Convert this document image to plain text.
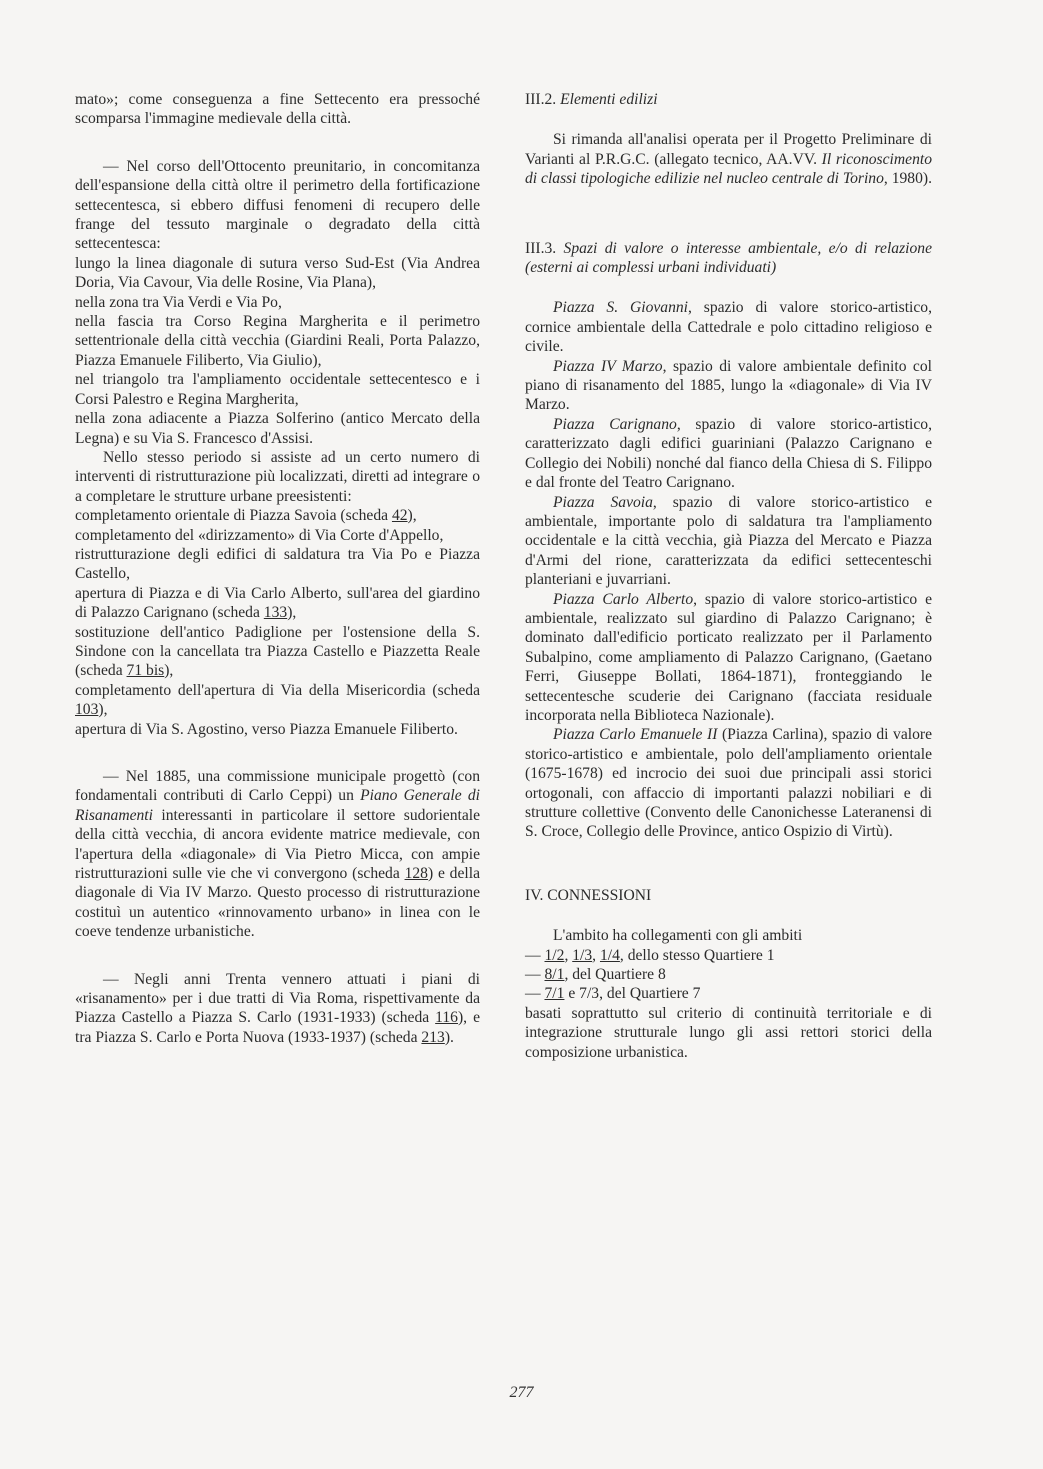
mato»; come conseguenza a fine Settecento era pressoché scomparsa l'immagine medievale della città.

— Nel corso dell'Ottocento preunitario, in concomitanza dell'espansione della città oltre il perimetro della fortificazione settecentesca, si ebbero diffusi fenomeni di recupero delle frange del tessuto marginale o degradato della città settecentesca:

lungo la linea diagonale di sutura verso Sud-Est (Via Andrea Doria, Via Cavour, Via delle Rosine, Via Plana),

nella zona tra Via Verdi e Via Po,

nella fascia tra Corso Regina Margherita e il perimetro settentrionale della città vecchia (Giardini Reali, Porta Palazzo, Piazza Emanuele Filiberto, Via Giulio),

nel triangolo tra l'ampliamento occidentale settecentesco e i Corsi Palestro e Regina Margherita,

nella zona adiacente a Piazza Solferino (antico Mercato della Legna) e su Via S. Francesco d'Assisi.

Nello stesso periodo si assiste ad un certo numero di interventi di ristrutturazione più localizzati, diretti ad integrare o a completare le strutture urbane preesistenti:

completamento orientale di Piazza Savoia (scheda 42),

completamento del «dirizzamento» di Via Corte d'Appello,

ristrutturazione degli edifici di saldatura tra Via Po e Piazza Castello,

apertura di Piazza e di Via Carlo Alberto, sull'area del giardino di Palazzo Carignano (scheda 133),

sostituzione dell'antico Padiglione per l'ostensione della S. Sindone con la cancellata tra Piazza Castello e Piazzetta Reale (scheda 71 bis),

completamento dell'apertura di Via della Misericordia (scheda 103),

apertura di Via S. Agostino, verso Piazza Emanuele Filiberto.

— Nel 1885, una commissione municipale progettò (con fondamentali contributi di Carlo Ceppi) un Piano Generale di Risanamenti interessanti in particolare il settore sudorientale della città vecchia, di ancora evidente matrice medievale, con l'apertura della «diagonale» di Via Pietro Micca, con ampie ristrutturazioni sulle vie che vi convergono (scheda 128) e della diagonale di Via IV Marzo. Questo processo di ristrutturazione costituì un autentico «rinnovamento urbano» in linea con le coeve tendenze urbanistiche.

— Negli anni Trenta vennero attuati i piani di «risanamento» per i due tratti di Via Roma, rispettivamente da Piazza Castello a Piazza S. Carlo (1931-1933) (scheda 116), e tra Piazza S. Carlo e Porta Nuova (1933-1937) (scheda 213).

III.2. Elementi edilizi

Si rimanda all'analisi operata per il Progetto Preliminare di Varianti al P.R.G.C. (allegato tecnico, AA.VV. Il riconoscimento di classi tipologiche edilizie nel nucleo centrale di Torino, 1980).

III.3. Spazi di valore o interesse ambientale, e/o di relazione (esterni ai complessi urbani individuati)

Piazza S. Giovanni, spazio di valore storico-artistico, cornice ambientale della Cattedrale e polo cittadino religioso e civile.

Piazza IV Marzo, spazio di valore ambientale definito col piano di risanamento del 1885, lungo la «diagonale» di Via IV Marzo.

Piazza Carignano, spazio di valore storico-artistico, caratterizzato dagli edifici guariniani (Palazzo Carignano e Collegio dei Nobili) nonché dal fianco della Chiesa di S. Filippo e dal fronte del Teatro Carignano.

Piazza Savoia, spazio di valore storico-artistico e ambientale, importante polo di saldatura tra l'ampliamento occidentale e la città vecchia, già Piazza del Mercato e Piazza d'Armi del rione, caratterizzata da edifici settecenteschi planteriani e juvarriani.

Piazza Carlo Alberto, spazio di valore storico-artistico e ambientale, realizzato sul giardino di Palazzo Carignano; è dominato dall'edificio porticato realizzato per il Parlamento Subalpino, come ampliamento di Palazzo Carignano, (Gaetano Ferri, Giuseppe Bollati, 1864-1871), fronteggiando le settecentesche scuderie dei Carignano (facciata residuale incorporata nella Biblioteca Nazionale).

Piazza Carlo Emanuele II (Piazza Carlina), spazio di valore storico-artistico e ambientale, polo dell'ampliamento orientale (1675-1678) ed incrocio dei suoi due principali assi storici ortogonali, con affaccio di importanti palazzi nobiliari e di strutture collettive (Convento delle Canonichesse Lateranensi di S. Croce, Collegio delle Province, antico Ospizio di Virtù).

IV. CONNESSIONI

L'ambito ha collegamenti con gli ambiti

— 1/2, 1/3, 1/4, dello stesso Quartiere 1

— 8/1, del Quartiere 8

— 7/1 e 7/3, del Quartiere 7

basati soprattutto sul criterio di continuità territoriale e di integrazione strutturale lungo gli assi rettori storici della composizione urbanistica.

277
